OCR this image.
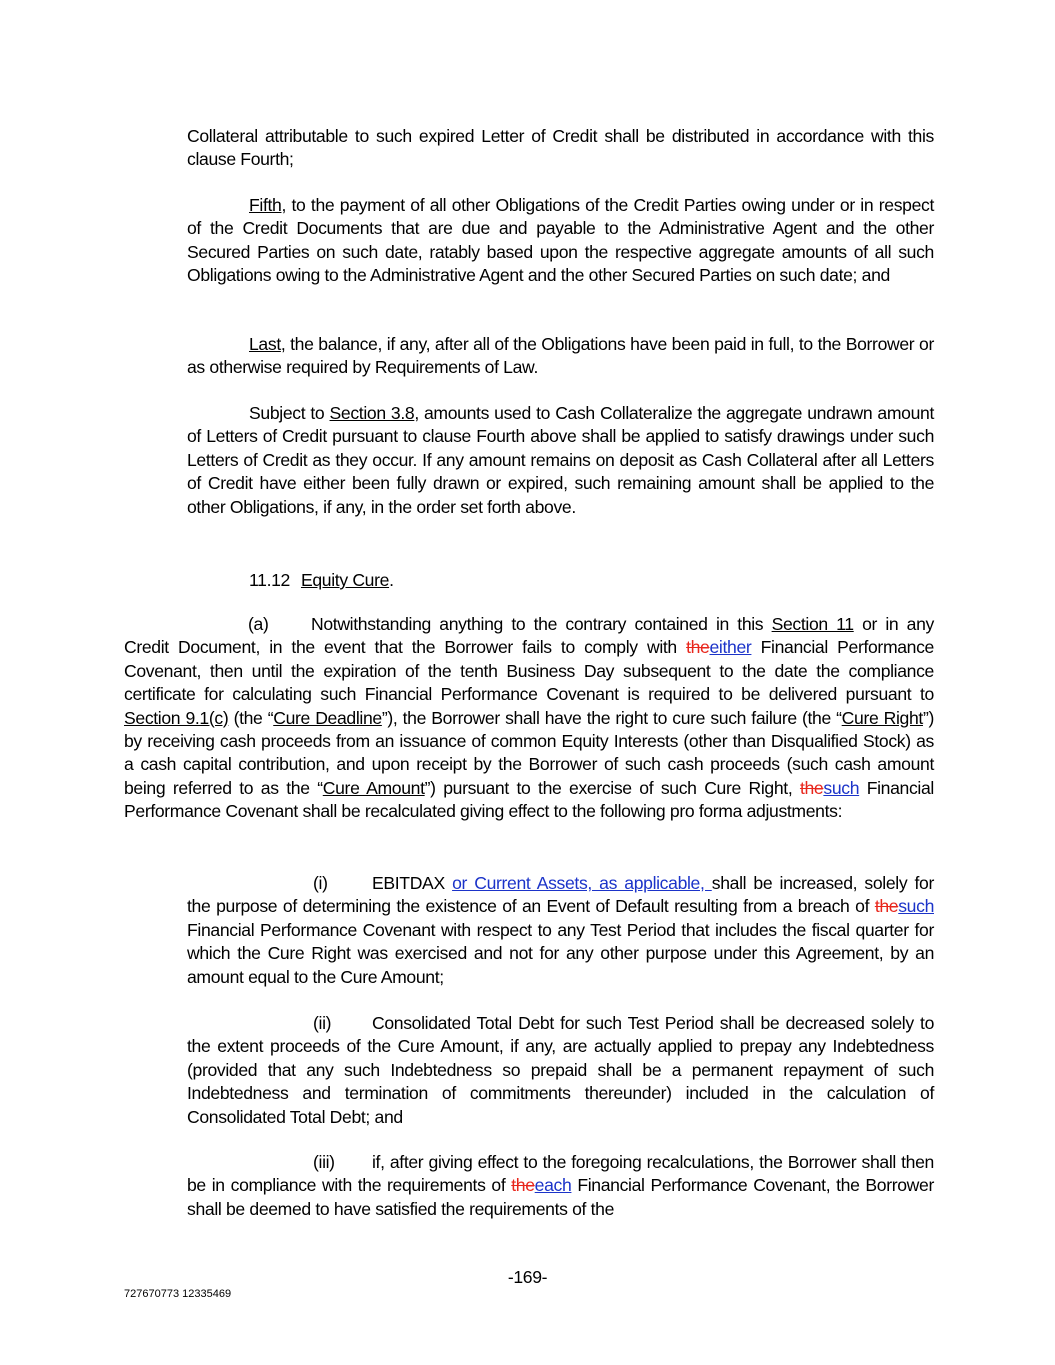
Collateral attributable to such expired Letter of Credit shall be distributed in accordance with this clause Fourth;

Fifth, to the payment of all other Obligations of the Credit Parties owing under or in respect of the Credit Documents that are due and payable to the Administrative Agent and the other Secured Parties on such date, ratably based upon the respective aggregate amounts of all such Obligations owing to the Administrative Agent and the other Secured Parties on such date; and

Last, the balance, if any, after all of the Obligations have been paid in full, to the Borrower or as otherwise required by Requirements of Law.

Subject to Section 3.8, amounts used to Cash Collateralize the aggregate undrawn amount of Letters of Credit pursuant to clause Fourth above shall be applied to satisfy drawings under such Letters of Credit as they occur. If any amount remains on deposit as Cash Collateral after all Letters of Credit have either been fully drawn or expired, such remaining amount shall be applied to the other Obligations, if any, in the order set forth above.

11.12 Equity Cure.

(a) Notwithstanding anything to the contrary contained in this Section 11 or in any Credit Document, in the event that the Borrower fails to comply with theeither Financial Performance Covenant, then until the expiration of the tenth Business Day subsequent to the date the compliance certificate for calculating such Financial Performance Covenant is required to be delivered pursuant to Section 9.1(c) (the “Cure Deadline”), the Borrower shall have the right to cure such failure (the “Cure Right”) by receiving cash proceeds from an issuance of common Equity Interests (other than Disqualified Stock) as a cash capital contribution, and upon receipt by the Borrower of such cash proceeds (such cash amount being referred to as the “Cure Amount”) pursuant to the exercise of such Cure Right, thesuch Financial Performance Covenant shall be recalculated giving effect to the following pro forma adjustments:

(i)	EBITDAX or Current Assets, as applicable, shall be increased, solely for the purpose of determining the existence of an Event of Default resulting from a breach of thesuch Financial Performance Covenant with respect to any Test Period that includes the fiscal quarter for which the Cure Right was exercised and not for any other purpose under this Agreement, by an amount equal to the Cure Amount;

(ii) Consolidated Total Debt for such Test Period shall be decreased solely to the extent proceeds of the Cure Amount, if any, are actually applied to prepay any Indebtedness (provided that any such Indebtedness so prepaid shall be a permanent repayment of such Indebtedness and termination of commitments thereunder) included in the calculation of Consolidated Total Debt; and

(iii) if, after giving effect to the foregoing recalculations, the Borrower shall then be in compliance with the requirements of theeach Financial Performance Covenant, the Borrower shall be deemed to have satisfied the requirements of the

-169-
727670773 12335469
